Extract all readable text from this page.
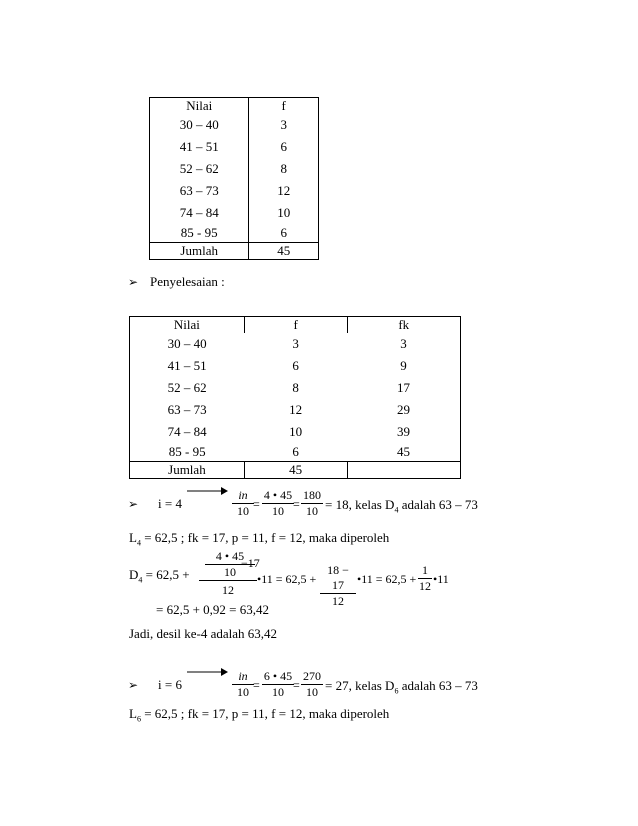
Nilai	f
30 – 40	3
41 – 51	6
52 – 62	8
63 – 73	12
74 – 84	10
85 - 95	6
Jumlah	45
➢ Penyelesaian :
Nilai	f	fk
30 – 40	3	3
41 – 51	6	9
52 – 62	8	17
63 – 73	12	29
74 – 84	10	39
85 - 95	6	45
Jumlah	45	
➢ i = 4	$\frac{in}{10} = \frac{4 • 45}{10} = \frac{180}{10} = 18$, kelas $D_4$ adalah 63 – 73
$L_4 = 62,5$ ; fk = 17, p = 11, f = 12, maka diperoleh
$D_4 = 62,5 + \frac{4 • 45}{10}$
−17
12
•11 = $62,5 + \frac{18 - 17}{12}$ •11 = $62,5 + \frac{1}{12}$ •11
= 62,5 + 0,92 = 63,42
Jadi, desil ke-4 adalah 63,42
➢ i = 6	$\frac{in}{10} = \frac{6 • 45}{10} = \frac{270}{10} = 27$, kelas $D_6$ adalah 63 – 73
$L_6 = 62,5$ ; fk = 17, p = 11, f = 12, maka diperoleh
